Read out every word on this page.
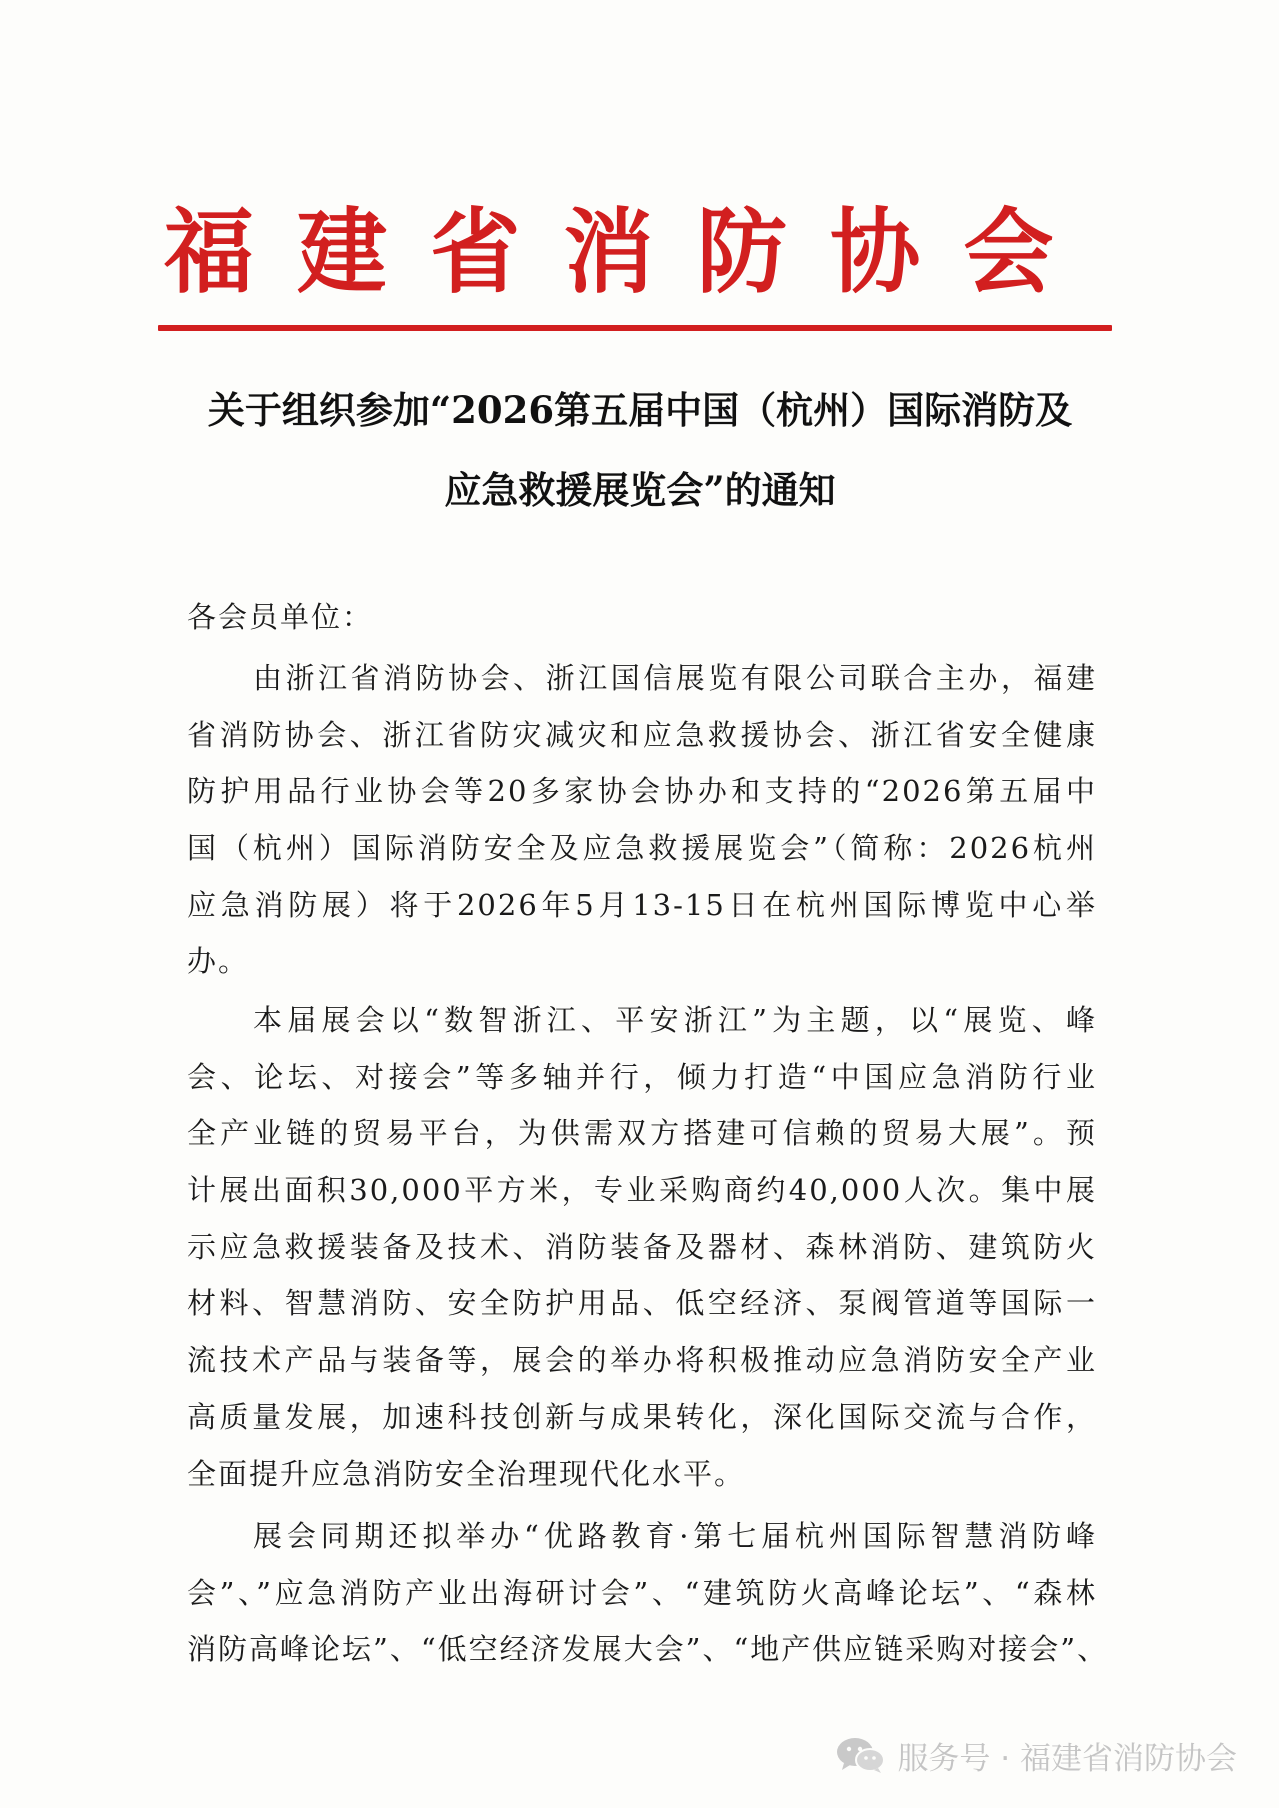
福建省消防协会
关于组织参加“2026第五届中国（杭州）国际消防及
应急救援展览会”的通知
各会员单位：
由浙江省消防协会、浙江国信展览有限公司联合主办，福建
省消防协会、浙江省防灾减灾和应急救援协会、浙江省安全健康
防护用品行业协会等20多家协会协办和支持的“2026第五届中
国（杭州）国际消防安全及应急救援展览会”（简称：2026杭州
应急消防展）将于2026年5月13-15日在杭州国际博览中心举
办。
本届展会以“数智浙江、平安浙江”为主题，以“展览、峰
会、论坛、对接会”等多轴并行，倾力打造“中国应急消防行业
全产业链的贸易平台，为供需双方搭建可信赖的贸易大展”。预
计展出面积30,000平方米，专业采购商约40,000人次。集中展
示应急救援装备及技术、消防装备及器材、森林消防、建筑防火
材料、智慧消防、安全防护用品、低空经济、泵阀管道等国际一
流技术产品与装备等，展会的举办将积极推动应急消防安全产业
高质量发展，加速科技创新与成果转化，深化国际交流与合作，
全面提升应急消防安全治理现代化水平。
展会同期还拟举办“优路教育·第七届杭州国际智慧消防峰
会”、”应急消防产业出海研讨会”、“建筑防火高峰论坛”、“森林
消防高峰论坛”、“低空经济发展大会”、“地产供应链采购对接会”、
服务号 · 福建省消防协会
